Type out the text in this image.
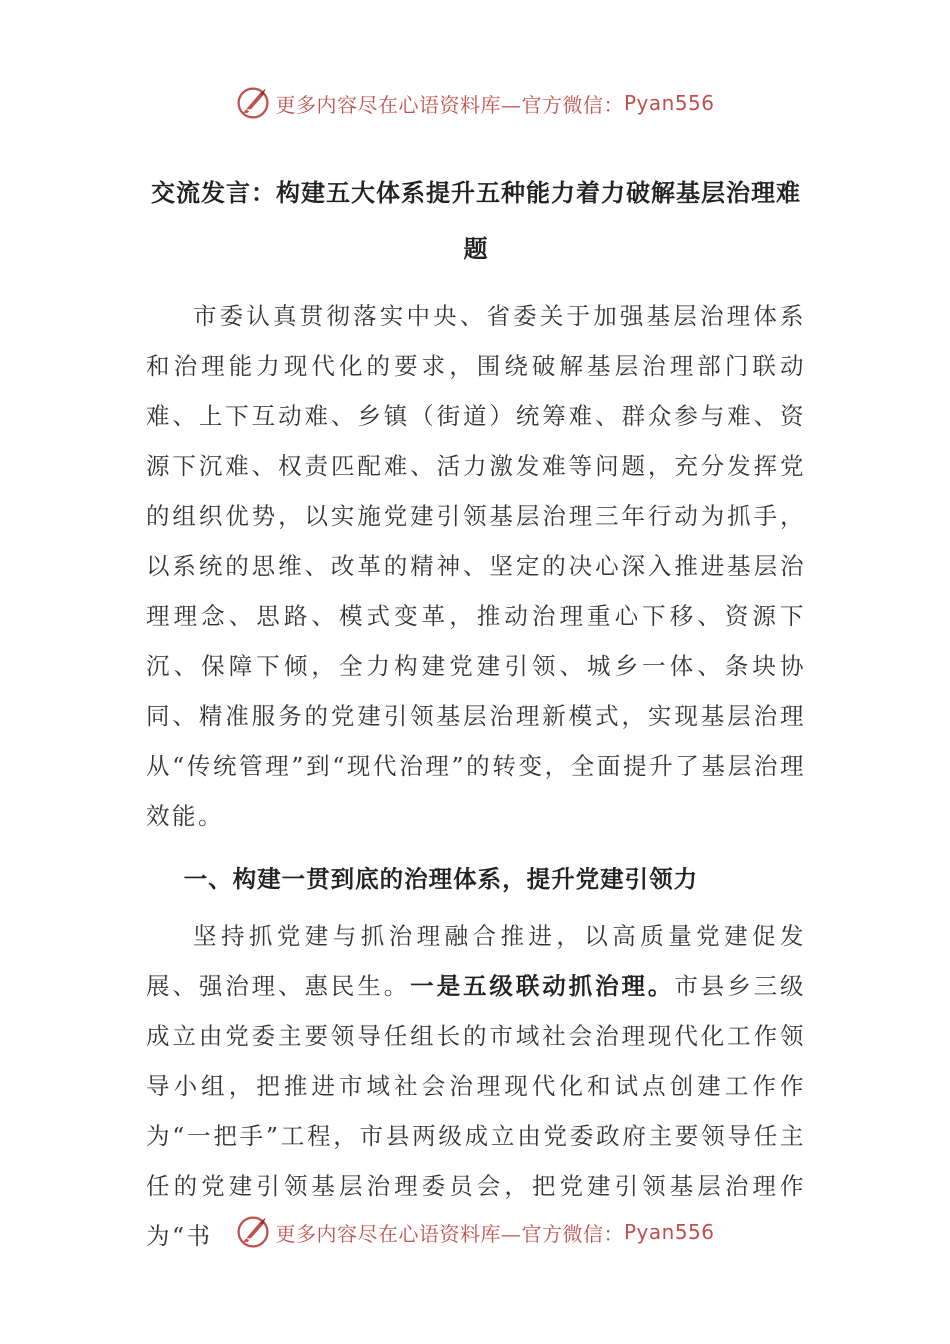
更多内容尽在心语资料库—官方微信： Pyan556
交流发言：构建五大体系提升五种能力着力破解基层治理难题

市委认真贯彻落实中央、省委关于加强基层治理体系和治理能力现代化的要求，围绕破解基层治理部门联动难、上下互动难、乡镇（街道）统筹难、群众参与难、资源下沉难、权责匹配难、活力激发难等问题，充分发挥党的组织优势，以实施党建引领基层治理三年行动为抓手，以系统的思维、改革的精神、坚定的决心深入推进基层治理理念、思路、模式变革，推动治理重心下移、资源下沉、保障下倾，全力构建党建引领、城乡一体、条块协同、精准服务的党建引领基层治理新模式，实现基层治理从“传统管理”到“现代治理”的转变，全面提升了基层治理效能。

一、构建一贯到底的治理体系，提升党建引领力

坚持抓党建与抓治理融合推进，以高质量党建促发展、强治理、惠民生。一是五级联动抓治理。市县乡三级成立由党委主要领导任组长的市域社会治理现代化工作领导小组，把推进市域社会治理现代化和试点创建工作作为“一把手”工程，市县两级成立由党委政府主要领导任主任的党建引领基层治理委员会，把党建引领基层治理作为“书	更多内容尽在心语资料库—官方微信： Pyan556
